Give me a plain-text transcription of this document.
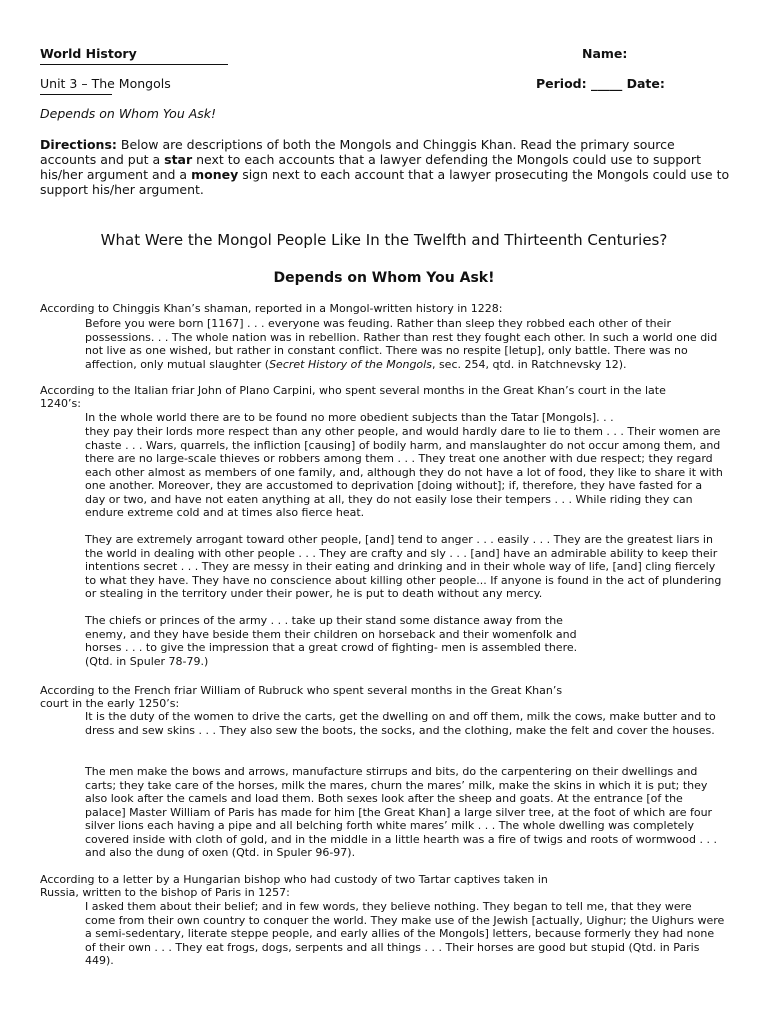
World History	Name:
Unit 3 – The Mongols	Period: _____ Date:
Depends on Whom You Ask!
Directions: Below are descriptions of both the Mongols and Chinggis Khan. Read the primary source accounts and put a star next to each accounts that a lawyer defending the Mongols could use to support his/her argument and a money sign next to each account that a lawyer prosecuting the Mongols could use to support his/her argument.
What Were the Mongol People Like In the Twelfth and Thirteenth Centuries?
Depends on Whom You Ask!
According to Chinggis Khan’s shaman, reported in a Mongol-written history in 1228:
Before you were born [1167] . . . everyone was feuding. Rather than sleep they robbed each other of their possessions. . . The whole nation was in rebellion. Rather than rest they fought each other. In such a world one did not live as one wished, but rather in constant conflict. There was no respite [letup], only battle. There was no affection, only mutual slaughter (Secret History of the Mongols, sec. 254, qtd. in Ratchnevsky 12).
According to the Italian friar John of Plano Carpini, who spent several months in the Great Khan’s court in the late
1240’s:
In the whole world there are to be found no more obedient subjects than the Tatar [Mongols]. . .
they pay their lords more respect than any other people, and would hardly dare to lie to them . . . Their women are chaste . . . Wars, quarrels, the infliction [causing] of bodily harm, and manslaughter do not occur among them, and there are no large-scale thieves or robbers among them . . . They treat one another with due respect; they regard each other almost as members of one family, and, although they do not have a lot of food, they like to share it with one another. Moreover, they are accustomed to deprivation [doing without]; if, therefore, they have fasted for a day or two, and have not eaten anything at all, they do not easily lose their tempers . . . While riding they can endure extreme cold and at times also fierce heat.
They are extremely arrogant toward other people, [and] tend to anger . . . easily . . . They are the greatest liars in the world in dealing with other people . . . They are crafty and sly . . . [and] have an admirable ability to keep their intentions secret . . . They are messy in their eating and drinking and in their whole way of life, [and] cling fiercely to what they have. They have no conscience about killing other people... If anyone is found in the act of plundering or stealing in the territory under their power, he is put to death without any mercy.
The chiefs or princes of the army . . . take up their stand some distance away from the
enemy, and they have beside them their children on horseback and their womenfolk and
horses . . . to give the impression that a great crowd of fighting- men is assembled there.
(Qtd. in Spuler 78-79.)
According to the French friar William of Rubruck who spent several months in the Great Khan’s
court in the early 1250’s:
It is the duty of the women to drive the carts, get the dwelling on and off them, milk the cows, make butter and to dress and sew skins . . . They also sew the boots, the socks, and the clothing, make the felt and cover the houses.
The men make the bows and arrows, manufacture stirrups and bits, do the carpentering on their dwellings and carts; they take care of the horses, milk the mares, churn the mares’ milk, make the skins in which it is put; they also look after the camels and load them. Both sexes look after the sheep and goats. At the entrance [of the palace] Master William of Paris has made for him [the Great Khan] a large silver tree, at the foot of which are four silver lions each having a pipe and all belching forth white mares’ milk . . . The whole dwelling was completely covered inside with cloth of gold, and in the middle in a little hearth was a fire of twigs and roots of wormwood . . . and also the dung of oxen (Qtd. in Spuler 96-97).
According to a letter by a Hungarian bishop who had custody of two Tartar captives taken in
Russia, written to the bishop of Paris in 1257:
I asked them about their belief; and in few words, they believe nothing. They began to tell me, that they were come from their own country to conquer the world. They make use of the Jewish [actually, Uighur; the Uighurs were a semi-sedentary, literate steppe people, and early allies of the Mongols] letters, because formerly they had none of their own . . . They eat frogs, dogs, serpents and all things . . . Their horses are good but stupid (Qtd. in Paris 449).
